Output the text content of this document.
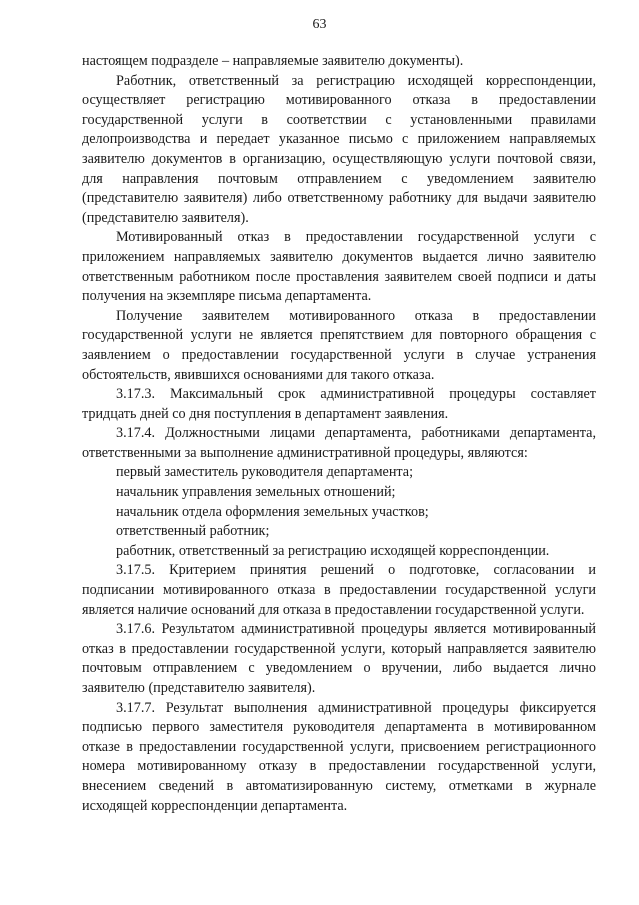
63

настоящем подразделе – направляемые заявителю документы).

Работник, ответственный за регистрацию исходящей корреспонденции, осуществляет регистрацию мотивированного отказа в предоставлении государственной услуги в соответствии с установленными правилами делопроизводства и передает указанное письмо с приложением направляемых заявителю документов в организацию, осуществляющую услуги почтовой связи, для направления почтовым отправлением с уведомлением заявителю (представителю заявителя) либо ответственному работнику для выдачи заявителю (представителю заявителя).

Мотивированный отказ в предоставлении государственной услуги с приложением направляемых заявителю документов выдается лично заявителю ответственным работником после проставления заявителем своей подписи и даты получения на экземпляре письма департамента.

Получение заявителем мотивированного отказа в предоставлении государственной услуги не является препятствием для повторного обращения с заявлением о предоставлении государственной услуги в случае устранения обстоятельств, явившихся основаниями для такого отказа.

3.17.3. Максимальный срок административной процедуры составляет тридцать дней со дня поступления в департамент заявления.

3.17.4. Должностными лицами департамента, работниками департамента, ответственными за выполнение административной процедуры, являются:

первый заместитель руководителя департамента;

начальник управления земельных отношений;

начальник отдела оформления земельных участков;

ответственный работник;

работник, ответственный за регистрацию исходящей корреспонденции.

3.17.5. Критерием принятия решений о подготовке, согласовании и подписании мотивированного отказа в предоставлении государственной услуги является наличие оснований для отказа в предоставлении государственной услуги.

3.17.6. Результатом административной процедуры является мотивированный отказ в предоставлении государственной услуги, который направляется заявителю почтовым отправлением с уведомлением о вручении, либо выдается лично заявителю (представителю заявителя).

3.17.7. Результат выполнения административной процедуры фиксируется подписью первого заместителя руководителя департамента в мотивированном отказе в предоставлении государственной услуги, присвоением регистрационного номера мотивированному отказу в предоставлении государственной услуги, внесением сведений в автоматизированную систему, отметками в журнале исходящей корреспонденции департамента.
